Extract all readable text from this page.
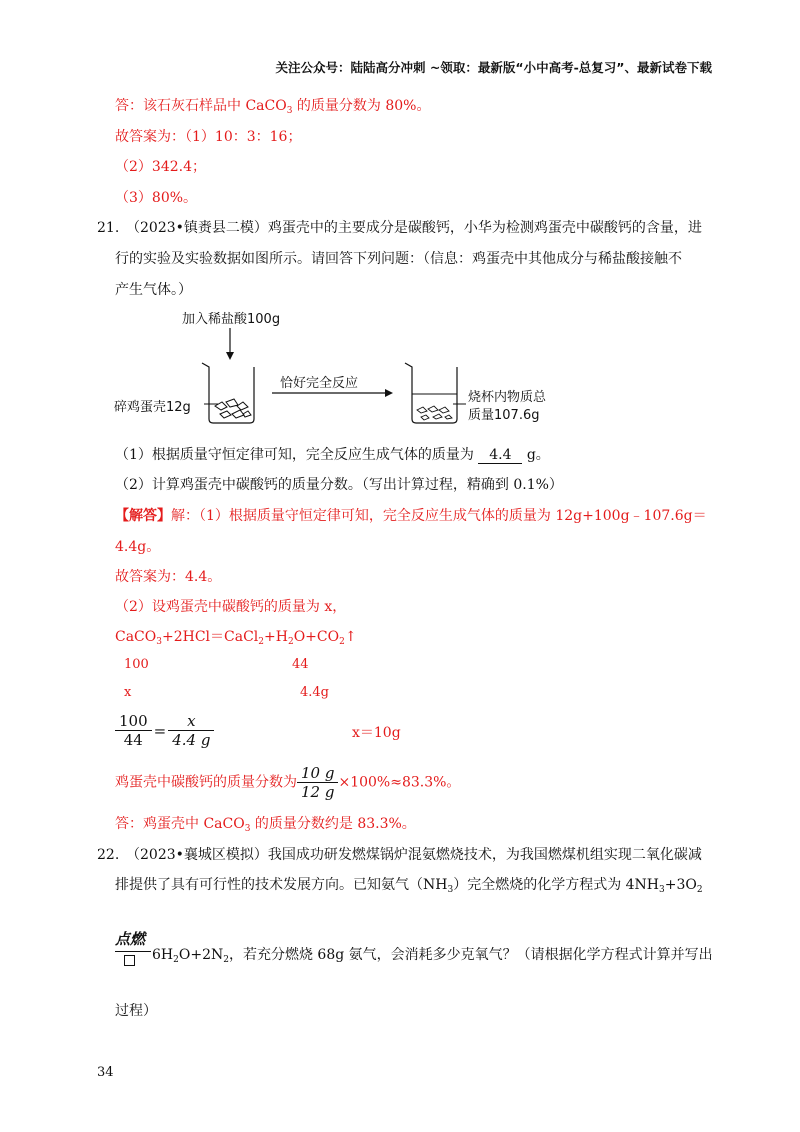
关注公众号：陆陆高分冲刺 ~领取：最新版“小中高考-总复习”、最新试卷下载
答：该石灰石样品中 CaCO$_3$ 的质量分数为 80%。
故答案为：（1）10：3：16；
（2）342.4；
（3）80%。
21. （2023•镇赉县二模）鸡蛋壳中的主要成分是碳酸钙，小华为检测鸡蛋壳中碳酸钙的含量，进
行的实验及实验数据如图所示。请回答下列问题：（信息：鸡蛋壳中其他成分与稀盐酸接触不
产生气体。）
加入稀盐酸100g
碎鸡蛋壳12g
恰好完全反应
烧杯内物质总
质量107.6g
（1）根据质量守恒定律可知，完全反应生成气体的质量为 4.4 g。
（2）计算鸡蛋壳中碳酸钙的质量分数。（写出计算过程，精确到 0.1%）
【解答】解：（1）根据质量守恒定律可知，完全反应生成气体的质量为 12g+100g﹣107.6g＝
4.4g。
故答案为：4.4。
（2）设鸡蛋壳中碳酸钙的质量为 x，
$CaCO_3+2HCl=CaCl_2+H_2O+CO_2↑$
100	44
x	4.4g
$\frac{100}{44} = \frac{x}{4.4 g}$	x＝10g
鸡蛋壳中碳酸钙的质量分数为 $\frac{10 g}{12 g} \times 100\%\approx 83.3\%$。
答：鸡蛋壳中 CaCO$_3$ 的质量分数约是 83.3%。
22. （2023•襄城区模拟）我国成功研发燃煤锅炉混氨燃烧技术，为我国燃煤机组实现二氧化碳减
排提供了具有可行性的技术发展方向。已知氨气$(NH_3)$完全燃烧的化学方程式为 $4NH_3+3O_2$
点燃
$6H_2O+2N_2$，若充分燃烧 68g 氨气，会消耗多少克氧气？（请根据化学方程式计算并写出
过程）
34
